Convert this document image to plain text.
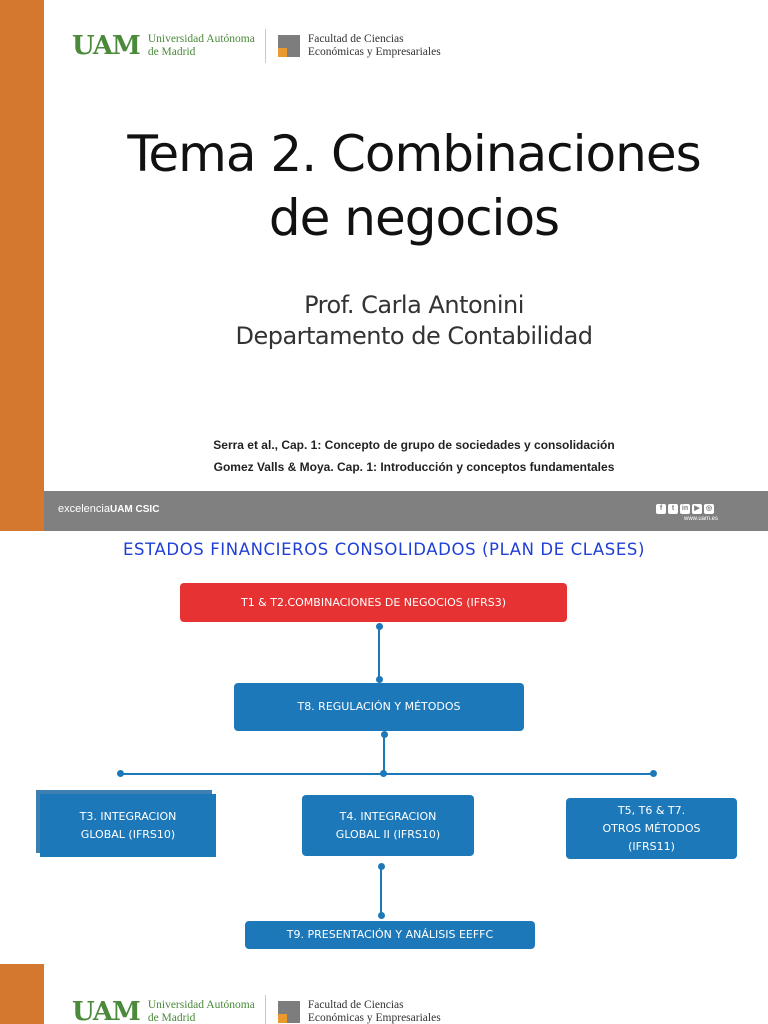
UAM Universidad Autónoma
de Madrid
Facultad de Ciencias
Económicas y Empresariales
Tema 2. Combinaciones
de negocios
Prof. Carla Antonini
Departamento de Contabilidad
Serra et al., Cap. 1: Concepto de grupo de sociedades y consolidación
Gomez Valls & Moya. Cap. 1: Introducción y conceptos fundamentales
excelenciaUAM CSIC	f	t	in ▶ ◎
www.uam.es
ESTADOS FINANCIEROS CONSOLIDADOS (PLAN DE CLASES)
T1 & T2.COMBINACIONES DE NEGOCIOS (IFRS3)
T8. REGULACIÓN Y MÉTODOS
T3. INTEGRACION
GLOBAL (IFRS10)
T4. INTEGRACION
GLOBAL II (IFRS10)
T5, T6 & T7.
OTROS MÉTODOS
(IFRS11)
T9. PRESENTACIÓN Y ANÁLISIS EEFFC
UAM Universidad Autónoma
de Madrid
Facultad de Ciencias
Económicas y Empresariales
